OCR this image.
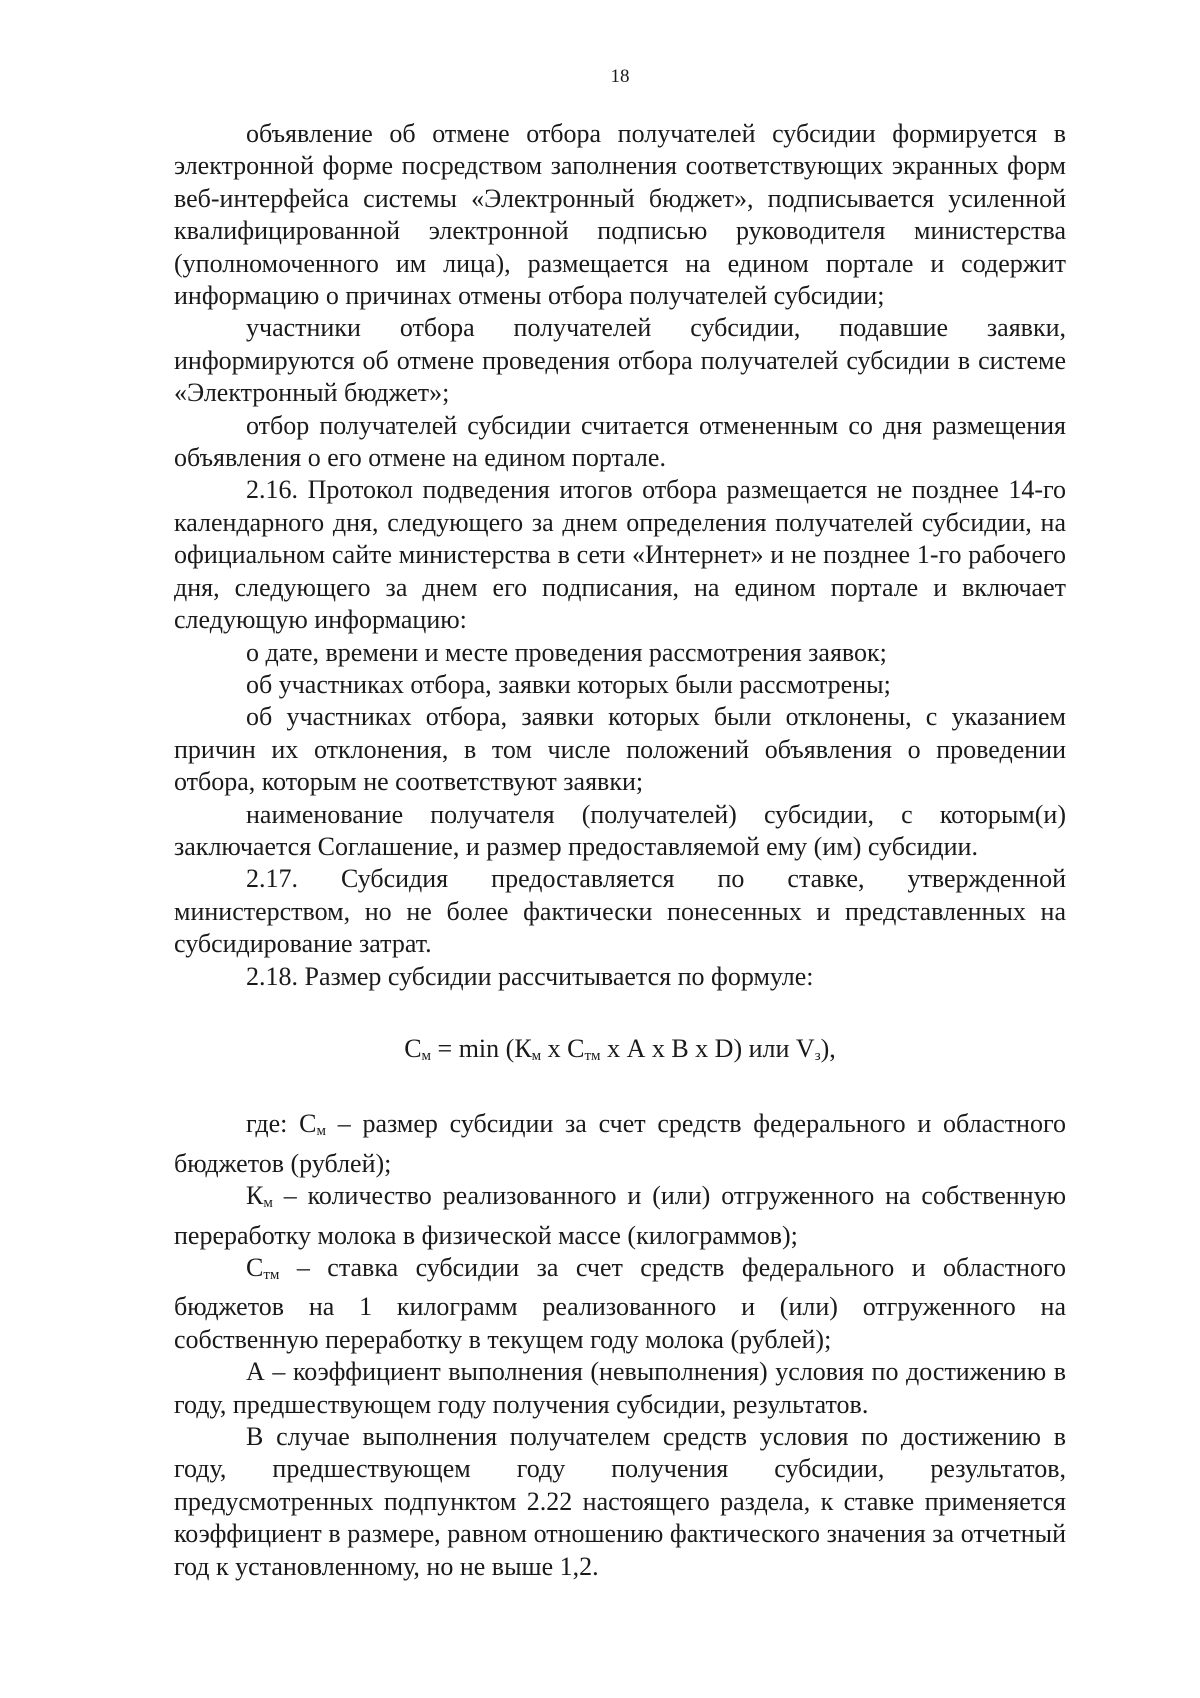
18

объявление об отмене отбора получателей субсидии формируется в электронной форме посредством заполнения соответствующих экранных форм веб-интерфейса системы «Электронный бюджет», подписывается усиленной квалифицированной электронной подписью руководителя министерства (уполномоченного им лица), размещается на едином портале и содержит информацию о причинах отмены отбора получателей субсидии;

участники отбора получателей субсидии, подавшие заявки, информируются об отмене проведения отбора получателей субсидии в системе «Электронный бюджет»;

отбор получателей субсидии считается отмененным со дня размещения объявления о его отмене на едином портале.

2.16. Протокол подведения итогов отбора размещается не позднее 14-го календарного дня, следующего за днем определения получателей субсидии, на официальном сайте министерства в сети «Интернет» и не позднее 1-го рабочего дня, следующего за днем его подписания, на едином портале и включает следующую информацию:

о дате, времени и месте проведения рассмотрения заявок;

об участниках отбора, заявки которых были рассмотрены;

об участниках отбора, заявки которых были отклонены, с указанием причин их отклонения, в том числе положений объявления о проведении отбора, которым не соответствуют заявки;

наименование получателя (получателей) субсидии, с которым(и) заключается Соглашение, и размер предоставляемой ему (им) субсидии.

2.17. Субсидия предоставляется по ставке, утвержденной министерством, но не более фактически понесенных и представленных на субсидирование затрат.

2.18. Размер субсидии рассчитывается по формуле:

$С_м = \min (К_м$ х $С_{тм}$ х А х В х D) или $V_з$),

где: $С_м$ – размер субсидии за счет средств федерального и областного бюджетов (рублей);

$К_м$ – количество реализованного и (или) отгруженного на собственную переработку молока в физической массе (килограммов);

$С_{тм}$ – ставка субсидии за счет средств федерального и областного бюджетов на 1 килограмм реализованного и (или) отгруженного на собственную переработку в текущем году молока (рублей);

А – коэффициент выполнения (невыполнения) условия по достижению в году, предшествующем году получения субсидии, результатов.

В случае выполнения получателем средств условия по достижению в году, предшествующем году получения субсидии, результатов, предусмотренных подпунктом 2.22 настоящего раздела, к ставке применяется коэффициент в размере, равном отношению фактического значения за отчетный год к установленному, но не выше 1,2.
